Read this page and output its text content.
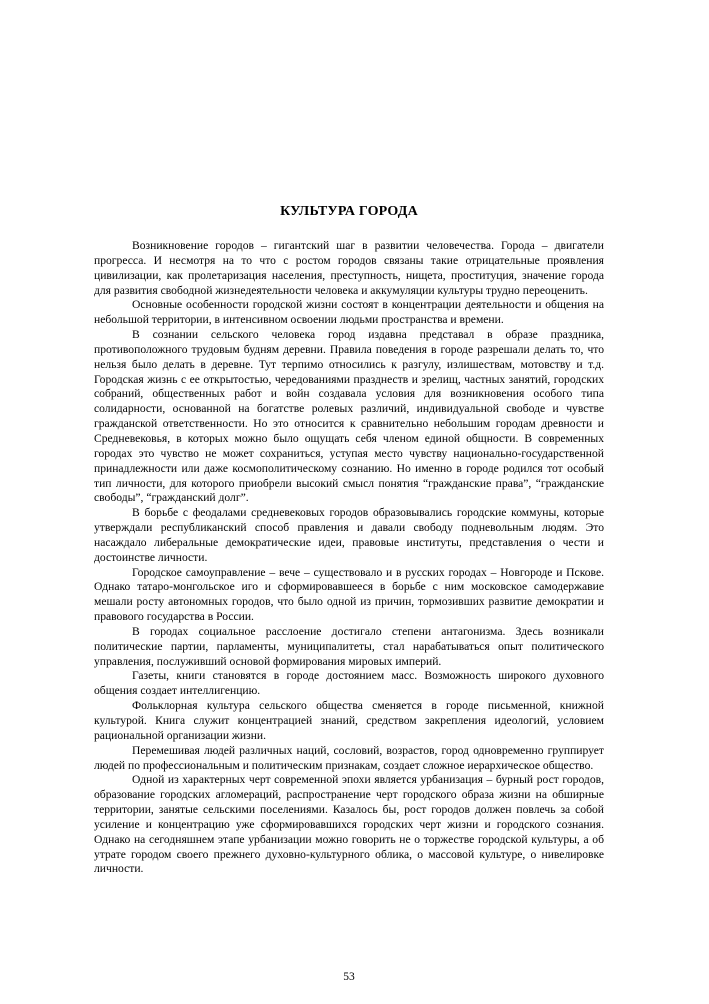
КУЛЬТУРА ГОРОДА

Возникновение городов – гигантский шаг в развитии человечества. Города – двигатели прогресса. И несмотря на то что с ростом городов связаны такие отрицательные проявления цивилизации, как пролетаризация населения, преступность, нищета, проституция, значение города для развития свободной жизнедеятельности человека и аккумуляции культуры трудно переоценить.

Основные особенности городской жизни состоят в концентрации деятельности и общения на небольшой территории, в интенсивном освоении людьми пространства и времени.

В сознании сельского человека город издавна представал в образе праздника, противоположного трудовым будням деревни. Правила поведения в городе разрешали делать то, что нельзя было делать в деревне. Тут терпимо относились к разгулу, излишествам, мотовству и т.д. Городская жизнь с ее открытостью, чередованиями празднеств и зрелищ, частных занятий, городских собраний, общественных работ и войн создавала условия для возникновения особого типа солидарности, основанной на богатстве ролевых различий, индивидуальной свободе и чувстве гражданской ответственности. Но это относится к сравнительно небольшим городам древности и Средневековья, в которых можно было ощущать себя членом единой общности. В современных городах это чувство не может сохраниться, уступая место чувству национально-государственной принадлежности или даже космополитическому сознанию. Но именно в городе родился тот особый тип личности, для которого приобрели высокий смысл понятия “гражданские права”, “гражданские свободы”, “гражданский долг”.

В борьбе с феодалами средневековых городов образовывались городские коммуны, которые утверждали республиканский способ правления и давали свободу подневольным людям. Это насаждало либеральные демократические идеи, правовые институты, представления о чести и достоинстве личности.

Городское самоуправление – вече – существовало и в русских городах – Новгороде и Пскове. Однако татаро-монгольское иго и сформировавшееся в борьбе с ним московское самодержавие мешали росту автономных городов, что было одной из причин, тормозивших развитие демократии и правового государства в России.

В городах социальное расслоение достигало степени антагонизма. Здесь возникали политические партии, парламенты, муниципалитеты, стал нарабатываться опыт политического управления, послуживший основой формирования мировых империй.

Газеты, книги становятся в городе достоянием масс. Возможность широкого духовного общения создает интеллигенцию.

Фольклорная культура сельского общества сменяется в городе письменной, книжной культурой. Книга служит концентрацией знаний, средством закрепления идеологий, условием рациональной организации жизни.

Перемешивая людей различных наций, сословий, возрастов, город одновременно группирует людей по профессиональным и политическим признакам, создает сложное иерархическое общество.

Одной из характерных черт современной эпохи является урбанизация – бурный рост городов, образование городских агломераций, распространение черт городского образа жизни на обширные территории, занятые сельскими поселениями. Казалось бы, рост городов должен повлечь за собой усиление и концентрацию уже сформировавшихся городских черт жизни и городского сознания. Однако на сегодняшнем этапе урбанизации можно говорить не о торжестве городской культуры, а об утрате городом своего прежнего духовно-культурного облика, о массовой культуре, о нивелировке личности.

53
